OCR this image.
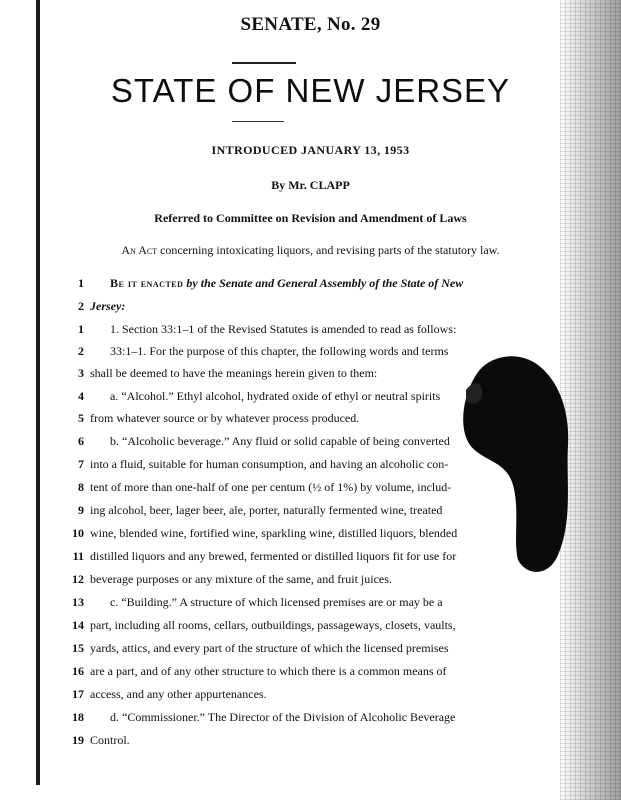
SENATE, No. 29
STATE OF NEW JERSEY
INTRODUCED JANUARY 13, 1953
By Mr. CLAPP
Referred to Committee on Revision and Amendment of Laws
An Act concerning intoxicating liquors, and revising parts of the statutory law.
1 Be it enacted by the Senate and General Assembly of the State of New
2 Jersey:
1 1. Section 33:1–1 of the Revised Statutes is amended to read as follows:
2 33:1–1. For the purpose of this chapter, the following words and terms
3 shall be deemed to have the meanings herein given to them:
4 a. “Alcohol.” Ethyl alcohol, hydrated oxide of ethyl or neutral spirits
5 from whatever source or by whatever process produced.
6 b. “Alcoholic beverage.” Any fluid or solid capable of being converted
7 into a fluid, suitable for human consumption, and having an alcoholic con-
8 tent of more than one-half of one per centum (½ of 1%) by volume, includ-
9 ing alcohol, beer, lager beer, ale, porter, naturally fermented wine, treated
10 wine, blended wine, fortified wine, sparkling wine, distilled liquors, blended
11 distilled liquors and any brewed, fermented or distilled liquors fit for use for
12 beverage purposes or any mixture of the same, and fruit juices.
13 c. “Building.” A structure of which licensed premises are or may be a
14 part, including all rooms, cellars, outbuildings, passageways, closets, vaults,
15 yards, attics, and every part of the structure of which the licensed premises
16 are a part, and of any other structure to which there is a common means of
17 access, and any other appurtenances.
18 d. “Commissioner.” The Director of the Division of Alcoholic Beverage
19 Control.
